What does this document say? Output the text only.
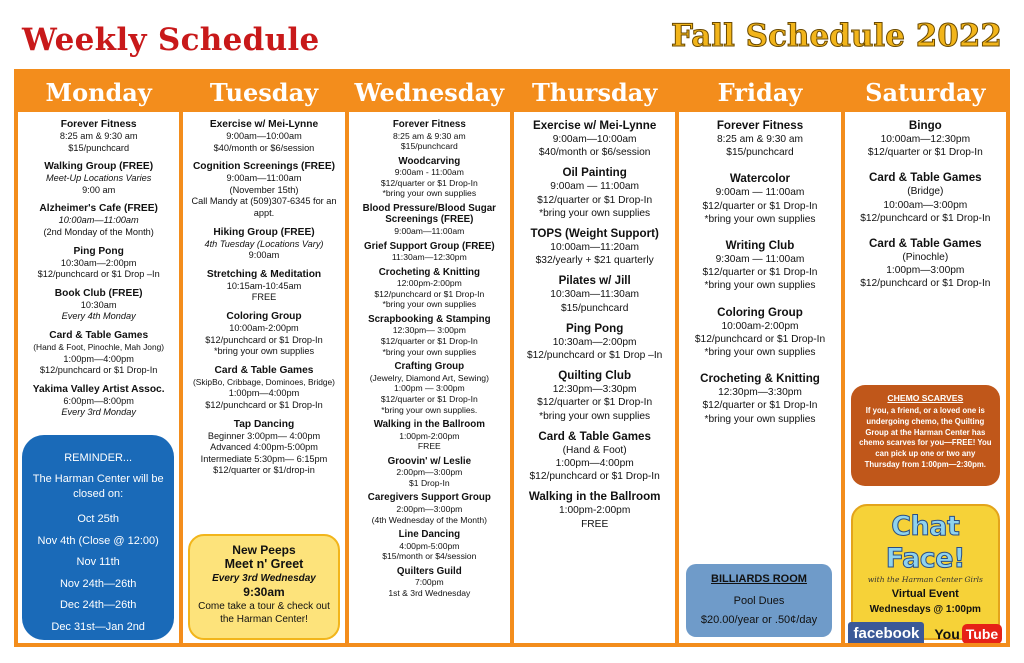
Weekly Schedule	Fall Schedule 2022
Monday
Forever Fitness
8:25 am & 9:30 am
$15/punchcard
Walking Group (FREE)
Meet-Up Locations Varies
9:00 am
Alzheimer's Cafe (FREE)
10:00am—11:00am
(2nd Monday of the Month)
Ping Pong
10:30am—2:00pm
$12/punchcard or $1 Drop –In
Book Club (FREE)
10:30am
Every 4th Monday
Card & Table Games
(Hand & Foot, Pinochle, Mah Jong)
1:00pm—4:00pm
$12/punchcard or $1 Drop-In
Yakima Valley Artist Assoc.
6:00pm—8:00pm
Every 3rd Monday
REMINDER...
The Harman Center will be closed on:
Oct 25th
Nov 4th (Close @ 12:00)
Nov 11th
Nov 24th—26th
Dec 24th—26th
Dec 31st—Jan 2nd
Tuesday
Exercise w/ Mei-Lynne
9:00am—10:00am
$40/month or $6/session
Cognition Screenings (FREE)
9:00am—11:00am
(November 15th)
Call Mandy at (509)307-6345 for an appt.
Hiking Group (FREE)
4th Tuesday (Locations Vary)
9:00am
Stretching & Meditation
10:15am-10:45am
FREE
Coloring Group
10:00am-2:00pm
$12/punchcard or $1 Drop-In
*bring your own supplies
Card & Table Games
(SkipBo, Cribbage, Dominoes, Bridge)
1:00pm—4:00pm
$12/punchcard or $1 Drop-In
Tap Dancing
Beginner 3:00pm— 4:00pm
Advanced 4:00pm-5:00pm
Intermediate 5:30pm— 6:15pm
$12/quarter or $1/drop-in
New Peeps
Meet n' Greet
Every 3rd Wednesday
9:30am
Come take a tour & check out the Harman Center!
Wednesday
Forever Fitness
8:25 am & 9:30 am
$15/punchcard
Woodcarving
9:00am - 11:00am
$12/quarter or $1 Drop-In
*bring your own supplies
Blood Pressure/Blood Sugar Screenings (FREE)
9:00am—11:00am
Grief Support Group (FREE)
11:30am—12:30pm
Crocheting & Knitting
12:00pm-2:00pm
$12/punchcard or $1 Drop-In
*bring your own supplies
Scrapbooking & Stamping
12:30pm— 3:00pm
$12/quarter or $1 Drop-In
*bring your own supplies
Crafting Group
(Jewelry, Diamond Art, Sewing)
1:00pm — 3:00pm
$12/quarter or $1 Drop-In
*bring your own supplies.
Walking in the Ballroom
1:00pm-2:00pm
FREE
Groovin' w/ Leslie
2:00pm—3:00pm
$1 Drop-In
Caregivers Support Group
2:00pm—3:00pm
(4th Wednesday of the Month)
Line Dancing
4:00pm-5:00pm
$15/month or $4/session
Quilters Guild
7:00pm
1st & 3rd Wednesday
Thursday
Exercise w/ Mei-Lynne
9:00am—10:00am
$40/month or $6/session
Oil Painting
9:00am — 11:00am
$12/quarter or $1 Drop-In
*bring your own supplies
TOPS (Weight Support)
10:00am—11:20am
$32/yearly + $21 quarterly
Pilates w/ Jill
10:30am—11:30am
$15/punchcard
Ping Pong
10:30am—2:00pm
$12/punchcard or $1 Drop –In
Quilting Club
12:30pm—3:30pm
$12/quarter or $1 Drop-In
*bring your own supplies
Card & Table Games
(Hand & Foot)
1:00pm—4:00pm
$12/punchcard or $1 Drop-In
Walking in the Ballroom
1:00pm-2:00pm
FREE
Friday
Forever Fitness
8:25 am & 9:30 am
$15/punchcard
Watercolor
9:00am — 11:00am
$12/quarter or $1 Drop-In
*bring your own supplies
Writing Club
9:30am — 11:00am
$12/quarter or $1 Drop-In
*bring your own supplies
Coloring Group
10:00am-2:00pm
$12/punchcard or $1 Drop-In
*bring your own supplies
Crocheting & Knitting
12:30pm—3:30pm
$12/quarter or $1 Drop-In
*bring your own supplies
BILLIARDS ROOM
Pool Dues
$20.00/year or .50¢/day
Saturday
Bingo
10:00am—12:30pm
$12/quarter or $1 Drop-In
Card & Table Games
(Bridge)
10:00am—3:00pm
$12/punchcard or $1 Drop-In
Card & Table Games
(Pinochle)
1:00pm—3:00pm
$12/punchcard or $1 Drop-In
CHEMO SCARVES
If you, a friend, or a loved one is undergoing chemo, the Quilting Group at the Harman Center has chemo scarves for you—FREE! You can pick up one or two any Thursday from 1:00pm—2:30pm.
Chat Face!
with the Harman Center Girls
Virtual Event
Wednesdays @ 1:00pm
facebook	You Tube
